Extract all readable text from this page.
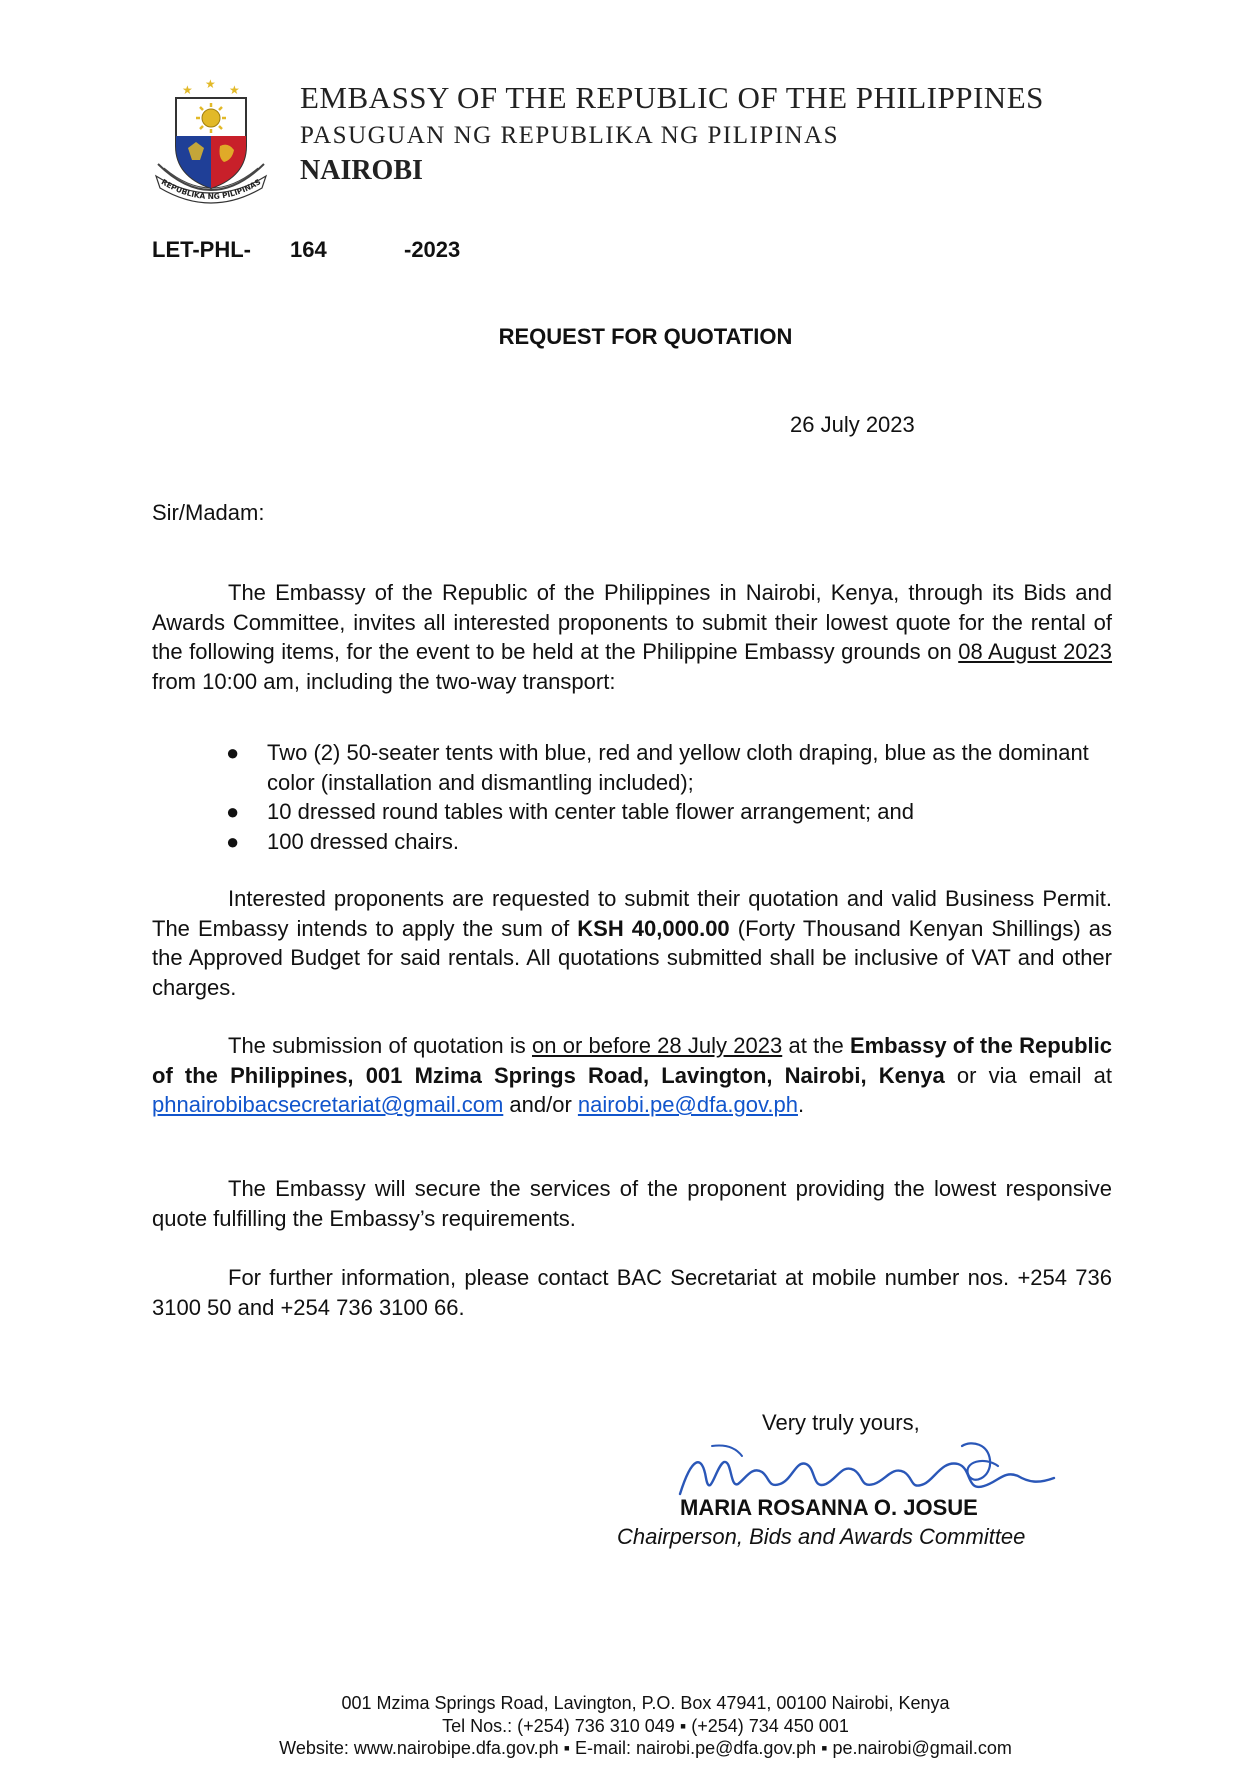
★ ★ ★
REPUBLIKA NG PILIPINAS
EMBASSY OF THE REPUBLIC OF THE PHILIPPINES
PASUGUAN NG REPUBLIKA NG PILIPINAS
NAIROBI
LET-PHL- 164	-2023
REQUEST FOR QUOTATION
26 July 2023
Sir/Madam:
The Embassy of the Republic of the Philippines in Nairobi, Kenya, through its Bids and Awards Committee, invites all interested proponents to submit their lowest quote for the rental of the following items, for the event to be held at the Philippine Embassy grounds on 08 August 2023 from 10:00 am, including the two-way transport:
● Two (2) 50-seater tents with blue, red and yellow cloth draping, blue as the dominant color (installation and dismantling included);
● 10 dressed round tables with center table flower arrangement; and
● 100 dressed chairs.
Interested proponents are requested to submit their quotation and valid Business Permit. The Embassy intends to apply the sum of KSH 40,000.00 (Forty Thousand Kenyan Shillings) as the Approved Budget for said rentals. All quotations submitted shall be inclusive of VAT and other charges.
The submission of quotation is on or before 28 July 2023 at the Embassy of the Republic of the Philippines, 001 Mzima Springs Road, Lavington, Nairobi, Kenya or via email at phnairobibacsecretariat@gmail.com and/or nairobi.pe@dfa.gov.ph.
The Embassy will secure the services of the proponent providing the lowest responsive quote fulfilling the Embassy’s requirements.
For further information, please contact BAC Secretariat at mobile number nos. +254 736 3100 50 and +254 736 3100 66.
Very truly yours,
MARIA ROSANNA O. JOSUE
Chairperson, Bids and Awards Committee
001 Mzima Springs Road, Lavington, P.O. Box 47941, 00100 Nairobi, Kenya
Tel Nos.: (+254) 736 310 049 ▪ (+254) 734 450 001
Website: www.nairobipe.dfa.gov.ph ▪ E-mail: nairobi.pe@dfa.gov.ph ▪ pe.nairobi@gmail.com
